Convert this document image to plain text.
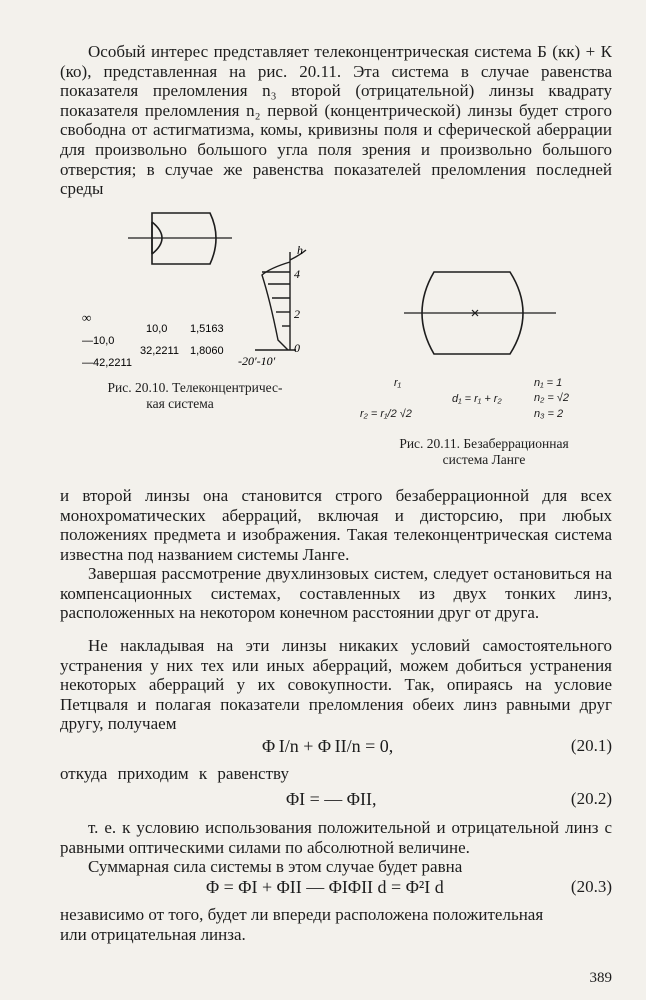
Особый интерес представляет телеконцентрическая система Б (кк) + К (ко), представленная на рис. 20.11. Эта система в случае равенства показателя преломления n₃ второй (отрицательной) линзы квадрату показателя преломления n₂ первой (концентрической) линзы будет строго свободна от астигматизма, комы, кривизны поля и сферической аберрации для произвольно большого угла поля зрения и произвольно большого отверстия; в случае же равенства показателей преломления последней среды

h
4
2
0
-20′-10′
∞
—10,0
—42,2211
10,0
32,2211
1,5163
1,8060
r₁
d₁ = r₁ + r₂
r₂ = r₁/2 √2
n₁ = 1
n₂ = √2
n₃ = 2
Рис. 20.10. Телеконцентричес-
кая система
Рис. 20.11. Безаберрационная
система Ланге

и второй линзы она становится строго безаберрационной для всех монохроматических аберраций, включая и дисторсию, при любых положениях предмета и изображения. Такая телеконцентрическая система известна под названием системы Ланге.

Завершая рассмотрение двухлинзовых систем, следует остановиться на компенсационных системах, составленных из двух тонких линз, расположенных на некотором конечном расстоянии друг от друга.

Не накладывая на эти линзы никаких условий самостоятельного устранения у них тех или иных аберраций, можем добиться устранения некоторых аберраций у их совокупности. Так, опираясь на условие Петцваля и полагая показатели преломления обеих линз равными друг другу, получаем

Φ I/n + Φ II/n = 0,	(20.1)
откуда приходим к равенству
ΦI = — ΦII,	(20.2)

т. е. к условию использования положительной и отрицательной линз с равными оптическими силами по абсолютной величине.

Суммарная сила системы в этом случае будет равна
Φ = ΦI + ΦII — ΦIΦII d = Φ²I d	(20.3)
независимо от того, будет ли впереди расположена положительная
или отрицательная линза.
389
